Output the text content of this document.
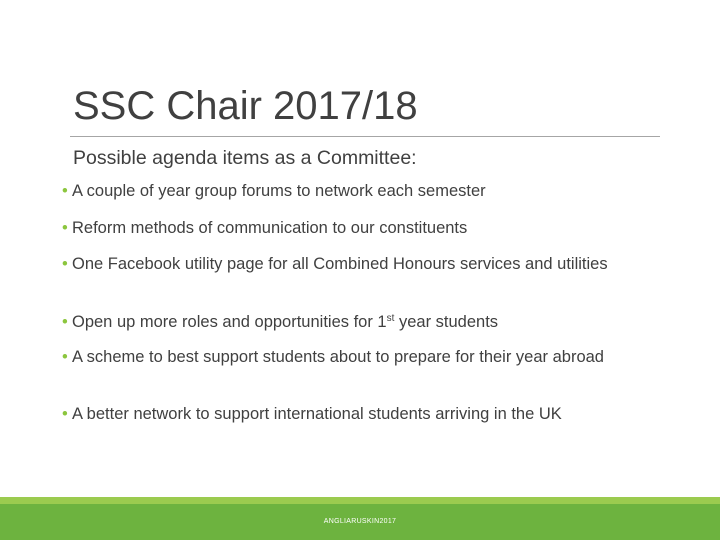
SSC Chair 2017/18
Possible agenda items as a Committee:
• A couple of year group forums to network each semester
• Reform methods of communication to our constituents
• One Facebook utility page for all Combined Honours services and utilities
• Open up more roles and opportunities for 1st year students
• A scheme to best support students about to prepare for their year abroad
• A better network to support international students arriving in the UK
ANGLIARUSKIN2017
